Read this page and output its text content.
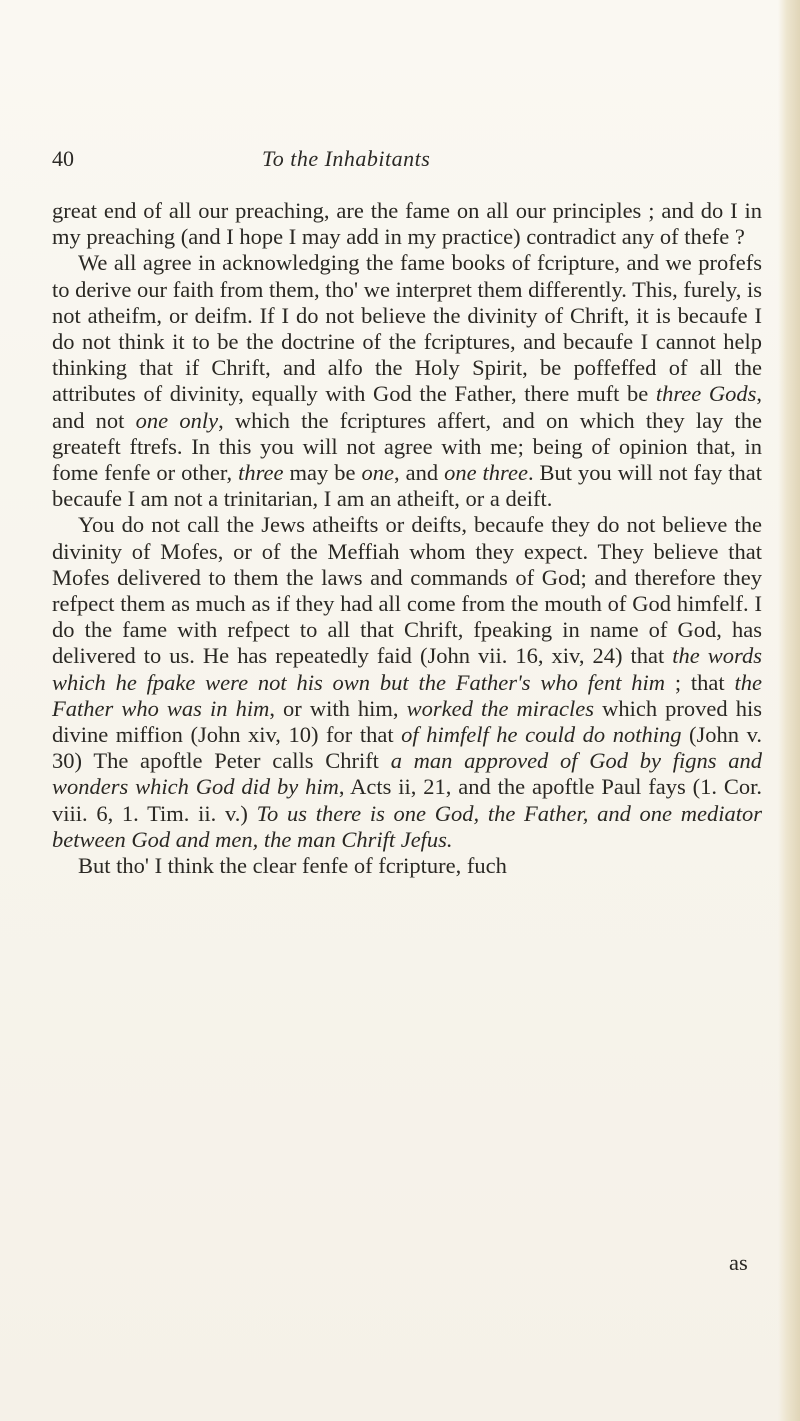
40	To the Inhabitants

great end of all our preaching, are the fame on all our principles ; and do I in my preaching (and I hope I may add in my practice) contradict any of thefe ?

We all agree in acknowledging the fame books of fcripture, and we profefs to derive our faith from them, tho' we interpret them differently. This, furely, is not atheifm, or deifm. If I do not believe the divinity of Chrift, it is becaufe I do not think it to be the doctrine of the fcriptures, and becaufe I cannot help thinking that if Chrift, and alfo the Holy Spirit, be poffeffed of all the attributes of divinity, equally with God the Father, there muft be three Gods, and not one only, which the fcriptures affert, and on which they lay the greateft ftrefs. In this you will not agree with me; being of opinion that, in fome fenfe or other, three may be one, and one three. But you will not fay that becaufe I am not a trinitarian, I am an atheift, or a deift.

You do not call the Jews atheifts or deifts, becaufe they do not believe the divinity of Mofes, or of the Meffiah whom they expect. They believe that Mofes delivered to them the laws and commands of God; and therefore they refpect them as much as if they had all come from the mouth of God himfelf. I do the fame with refpect to all that Chrift, fpeaking in name of God, has delivered to us. He has repeatedly faid (John vii. 16, xiv, 24) that the words which he fpake were not his own but the Father's who fent him ; that the Father who was in him, or with him, worked the miracles which proved his divine miffion (John xiv, 10) for that of himfelf he could do nothing (John v. 30) The apoftle Peter calls Chrift a man approved of God by figns and wonders which God did by him, Acts ii, 21, and the apoftle Paul fays (1. Cor. viii. 6, 1. Tim. ii. v.) To us there is one God, the Father, and one mediator between God and men, the man Chrift Jefus.

But tho' I think the clear fenfe of fcripture, fuch

as
